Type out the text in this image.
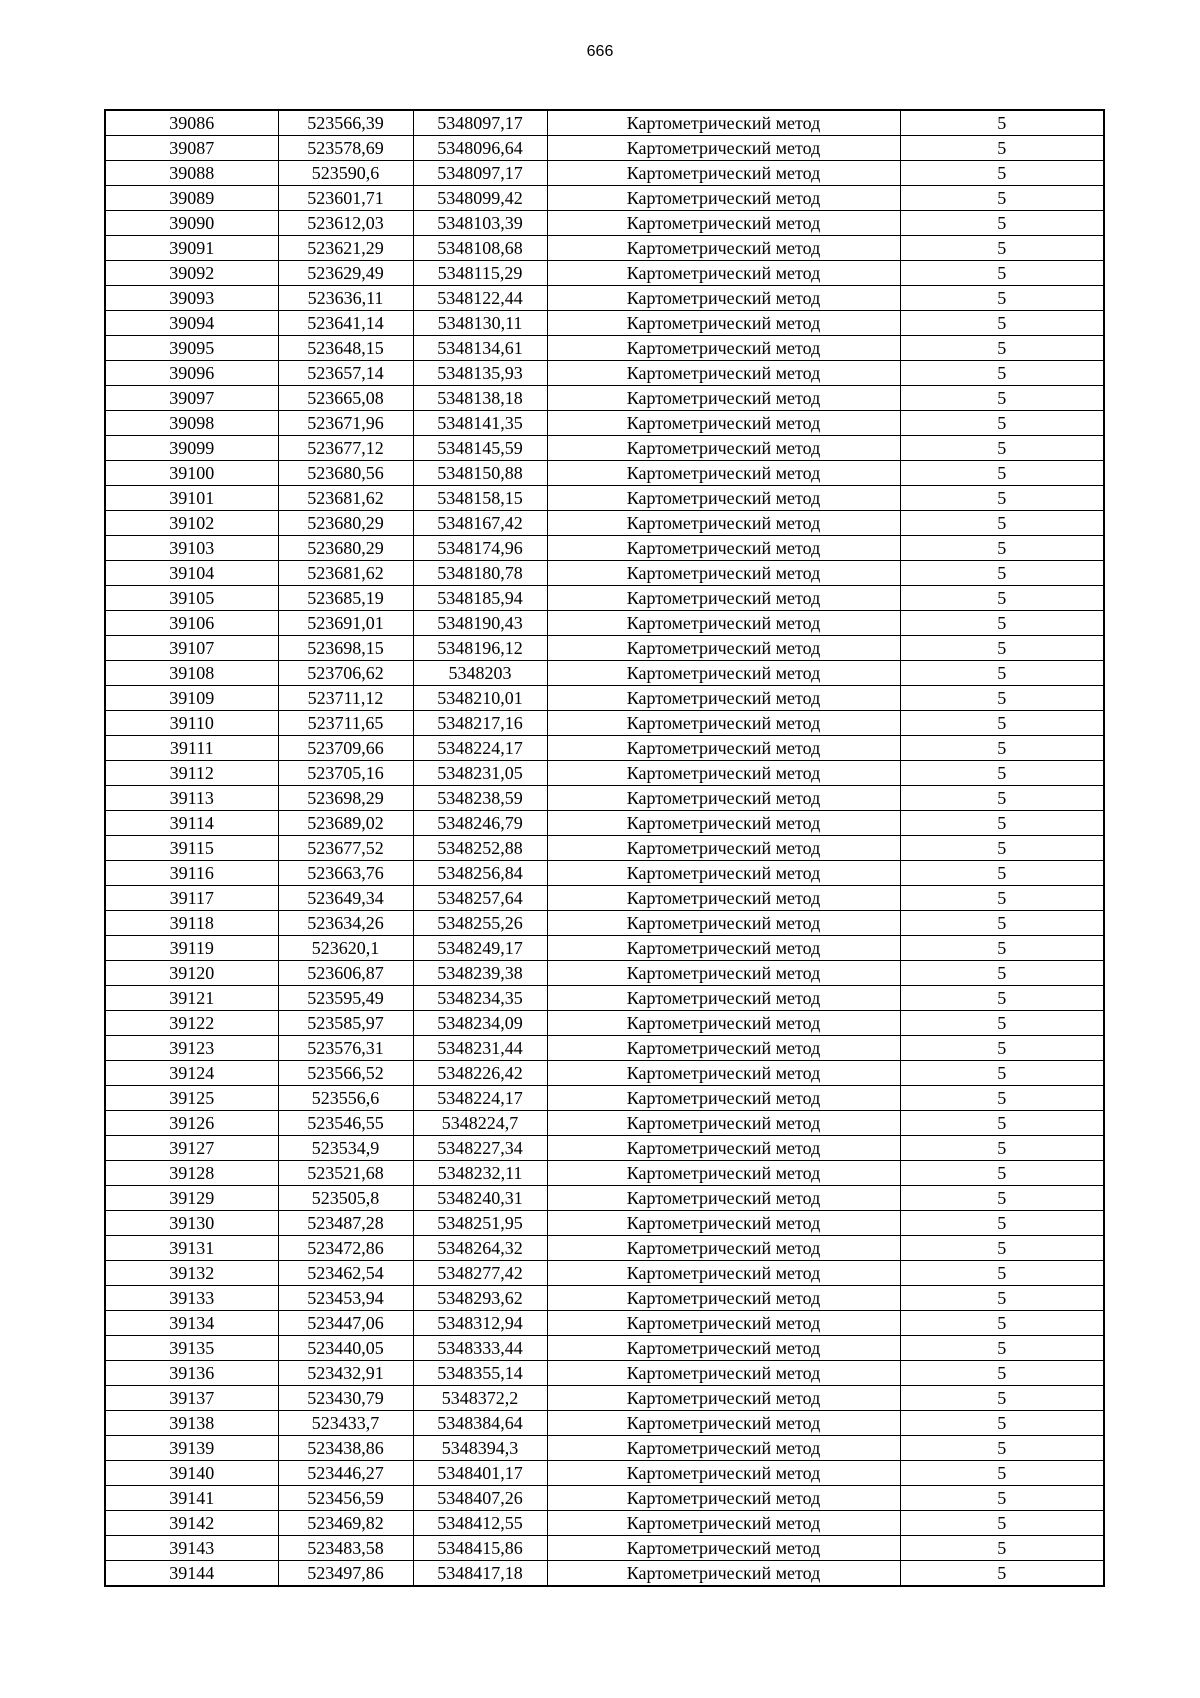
666
39086	523566,39	5348097,17	Картометрический метод	5
39087	523578,69	5348096,64	Картометрический метод	5
39088	523590,6	5348097,17	Картометрический метод	5
39089	523601,71	5348099,42	Картометрический метод	5
39090	523612,03	5348103,39	Картометрический метод	5
39091	523621,29	5348108,68	Картометрический метод	5
39092	523629,49	5348115,29	Картометрический метод	5
39093	523636,11	5348122,44	Картометрический метод	5
39094	523641,14	5348130,11	Картометрический метод	5
39095	523648,15	5348134,61	Картометрический метод	5
39096	523657,14	5348135,93	Картометрический метод	5
39097	523665,08	5348138,18	Картометрический метод	5
39098	523671,96	5348141,35	Картометрический метод	5
39099	523677,12	5348145,59	Картометрический метод	5
39100	523680,56	5348150,88	Картометрический метод	5
39101	523681,62	5348158,15	Картометрический метод	5
39102	523680,29	5348167,42	Картометрический метод	5
39103	523680,29	5348174,96	Картометрический метод	5
39104	523681,62	5348180,78	Картометрический метод	5
39105	523685,19	5348185,94	Картометрический метод	5
39106	523691,01	5348190,43	Картометрический метод	5
39107	523698,15	5348196,12	Картометрический метод	5
39108	523706,62	5348203	Картометрический метод	5
39109	523711,12	5348210,01	Картометрический метод	5
39110	523711,65	5348217,16	Картометрический метод	5
39111	523709,66	5348224,17	Картометрический метод	5
39112	523705,16	5348231,05	Картометрический метод	5
39113	523698,29	5348238,59	Картометрический метод	5
39114	523689,02	5348246,79	Картометрический метод	5
39115	523677,52	5348252,88	Картометрический метод	5
39116	523663,76	5348256,84	Картометрический метод	5
39117	523649,34	5348257,64	Картометрический метод	5
39118	523634,26	5348255,26	Картометрический метод	5
39119	523620,1	5348249,17	Картометрический метод	5
39120	523606,87	5348239,38	Картометрический метод	5
39121	523595,49	5348234,35	Картометрический метод	5
39122	523585,97	5348234,09	Картометрический метод	5
39123	523576,31	5348231,44	Картометрический метод	5
39124	523566,52	5348226,42	Картометрический метод	5
39125	523556,6	5348224,17	Картометрический метод	5
39126	523546,55	5348224,7	Картометрический метод	5
39127	523534,9	5348227,34	Картометрический метод	5
39128	523521,68	5348232,11	Картометрический метод	5
39129	523505,8	5348240,31	Картометрический метод	5
39130	523487,28	5348251,95	Картометрический метод	5
39131	523472,86	5348264,32	Картометрический метод	5
39132	523462,54	5348277,42	Картометрический метод	5
39133	523453,94	5348293,62	Картометрический метод	5
39134	523447,06	5348312,94	Картометрический метод	5
39135	523440,05	5348333,44	Картометрический метод	5
39136	523432,91	5348355,14	Картометрический метод	5
39137	523430,79	5348372,2	Картометрический метод	5
39138	523433,7	5348384,64	Картометрический метод	5
39139	523438,86	5348394,3	Картометрический метод	5
39140	523446,27	5348401,17	Картометрический метод	5
39141	523456,59	5348407,26	Картометрический метод	5
39142	523469,82	5348412,55	Картометрический метод	5
39143	523483,58	5348415,86	Картометрический метод	5
39144	523497,86	5348417,18	Картометрический метод	5
